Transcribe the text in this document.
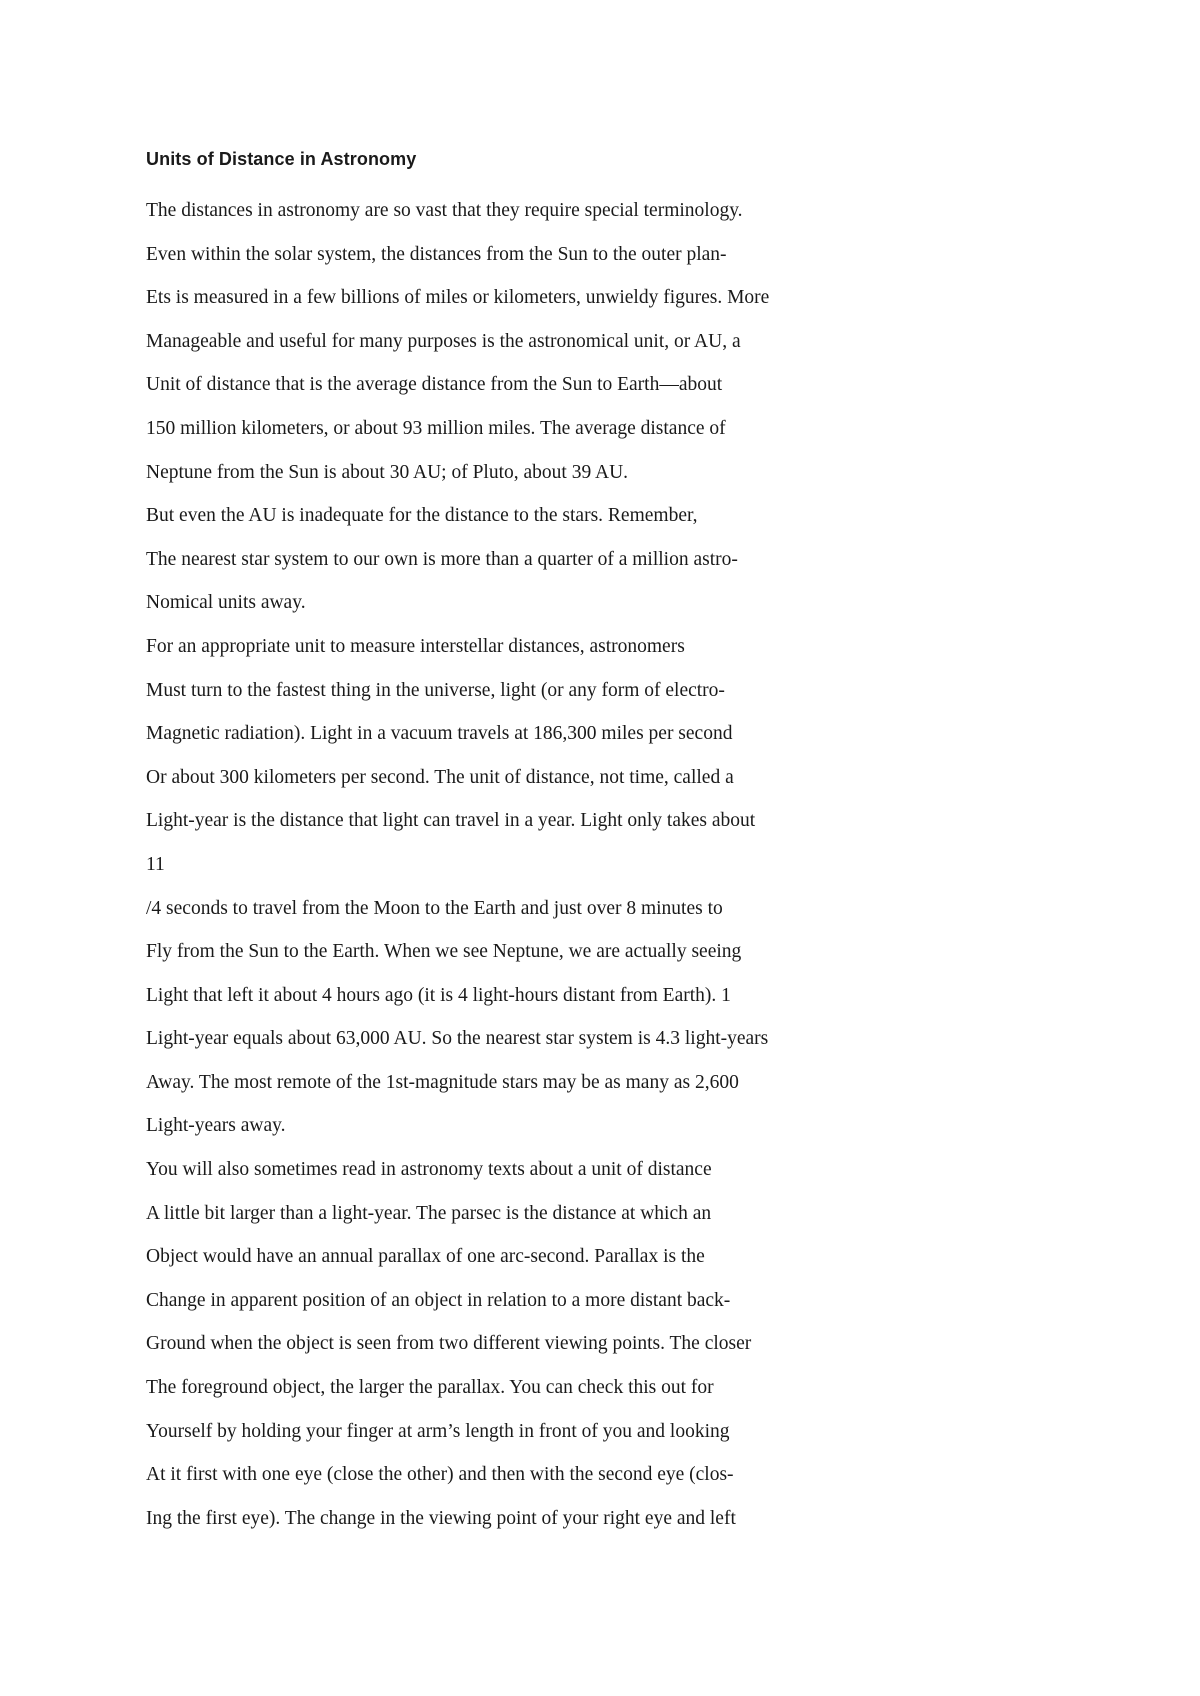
Units of Distance in Astronomy

The distances in astronomy are so vast that they require special terminology.

Even within the solar system, the distances from the Sun to the outer plan-

Ets is measured in a few billions of miles or kilometers, unwieldy figures. More

Manageable and useful for many purposes is the astronomical unit, or AU, a

Unit of distance that is the average distance from the Sun to Earth—about

150 million kilometers, or about 93 million miles. The average distance of

Neptune from the Sun is about 30 AU; of Pluto, about 39 AU.

But even the AU is inadequate for the distance to the stars. Remember,

The nearest star system to our own is more than a quarter of a million astro-

Nomical units away.

For an appropriate unit to measure interstellar distances, astronomers

Must turn to the fastest thing in the universe, light (or any form of electro-

Magnetic radiation). Light in a vacuum travels at 186,300 miles per second

Or about 300 kilometers per second. The unit of distance, not time, called a

Light-year is the distance that light can travel in a year. Light only takes about

11

/4 seconds to travel from the Moon to the Earth and just over 8 minutes to

Fly from the Sun to the Earth. When we see Neptune, we are actually seeing

Light that left it about 4 hours ago (it is 4 light-hours distant from Earth). 1

Light-year equals about 63,000 AU. So the nearest star system is 4.3 light-years

Away. The most remote of the 1st-magnitude stars may be as many as 2,600

Light-years away.

You will also sometimes read in astronomy texts about a unit of distance

A little bit larger than a light-year. The parsec is the distance at which an

Object would have an annual parallax of one arc-second. Parallax is the

Change in apparent position of an object in relation to a more distant back-

Ground when the object is seen from two different viewing points. The closer

The foreground object, the larger the parallax. You can check this out for

Yourself by holding your finger at arm’s length in front of you and looking

At it first with one eye (close the other) and then with the second eye (clos-

Ing the first eye). The change in the viewing point of your right eye and left
